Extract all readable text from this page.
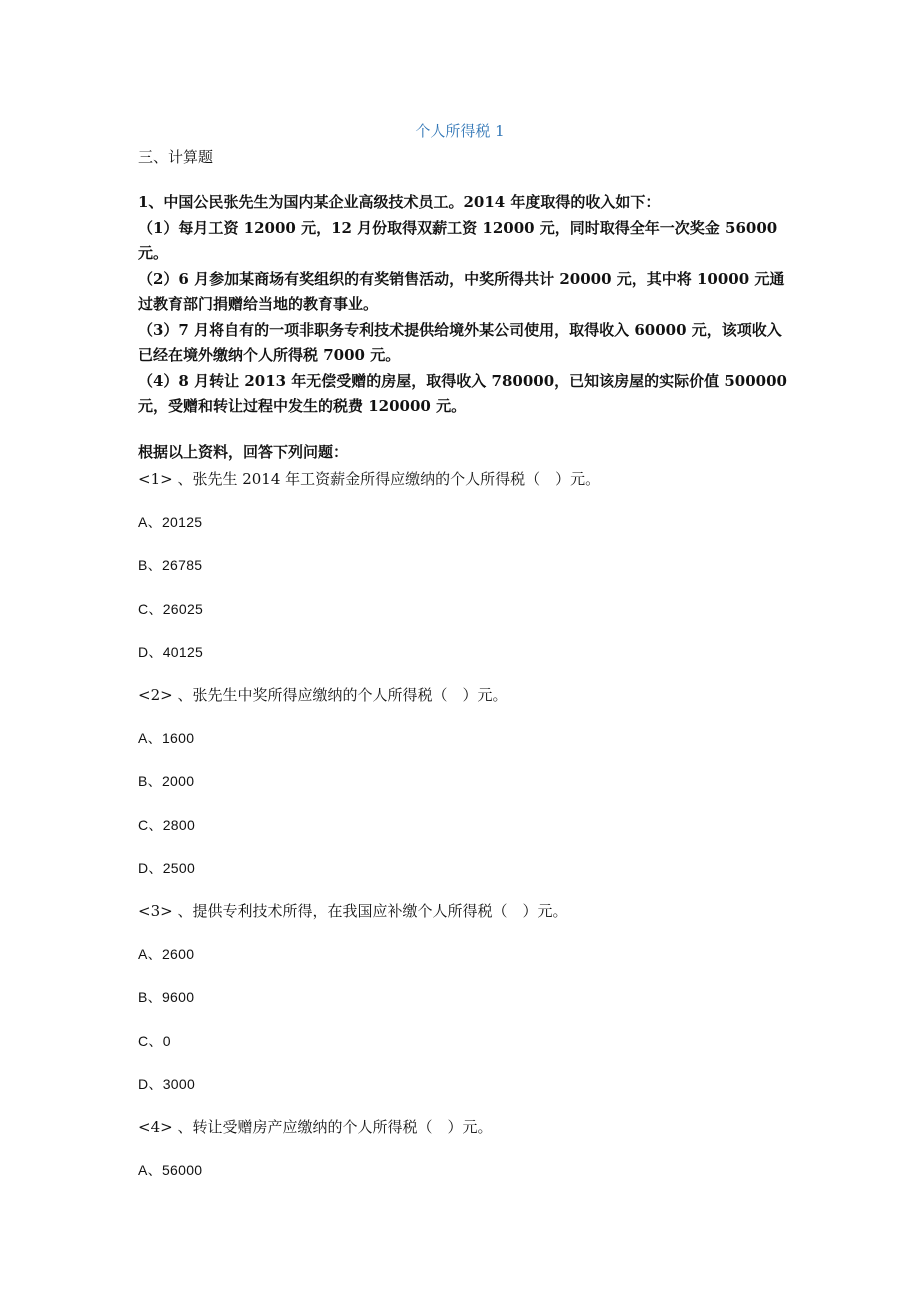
个人所得税 1
三、计算题

1、中国公民张先生为国内某企业高级技术员工。2014 年度取得的收入如下：

（1）每月工资 12000 元，12 月份取得双薪工资 12000 元，同时取得全年一次奖金 56000 元。

（2）6 月参加某商场有奖组织的有奖销售活动，中奖所得共计 20000 元，其中将 10000 元通过教育部门捐赠给当地的教育事业。

（3）7 月将自有的一项非职务专利技术提供给境外某公司使用，取得收入 60000 元，该项收入已经在境外缴纳个人所得税 7000 元。

（4）8 月转让 2013 年无偿受赠的房屋，取得收入 780000，已知该房屋的实际价值 500000 元，受赠和转让过程中发生的税费 120000 元。

根据以上资料，回答下列问题：

<1> 、张先生 2014 年工资薪金所得应缴纳的个人所得税（　）元。

A、20125

B、26785

C、26025

D、40125

<2> 、张先生中奖所得应缴纳的个人所得税（　）元。

A、1600

B、2000

C、2800

D、2500

<3> 、提供专利技术所得，在我国应补缴个人所得税（　）元。

A、2600

B、9600

C、0

D、3000

<4> 、转让受赠房产应缴纳的个人所得税（　）元。

A、56000
